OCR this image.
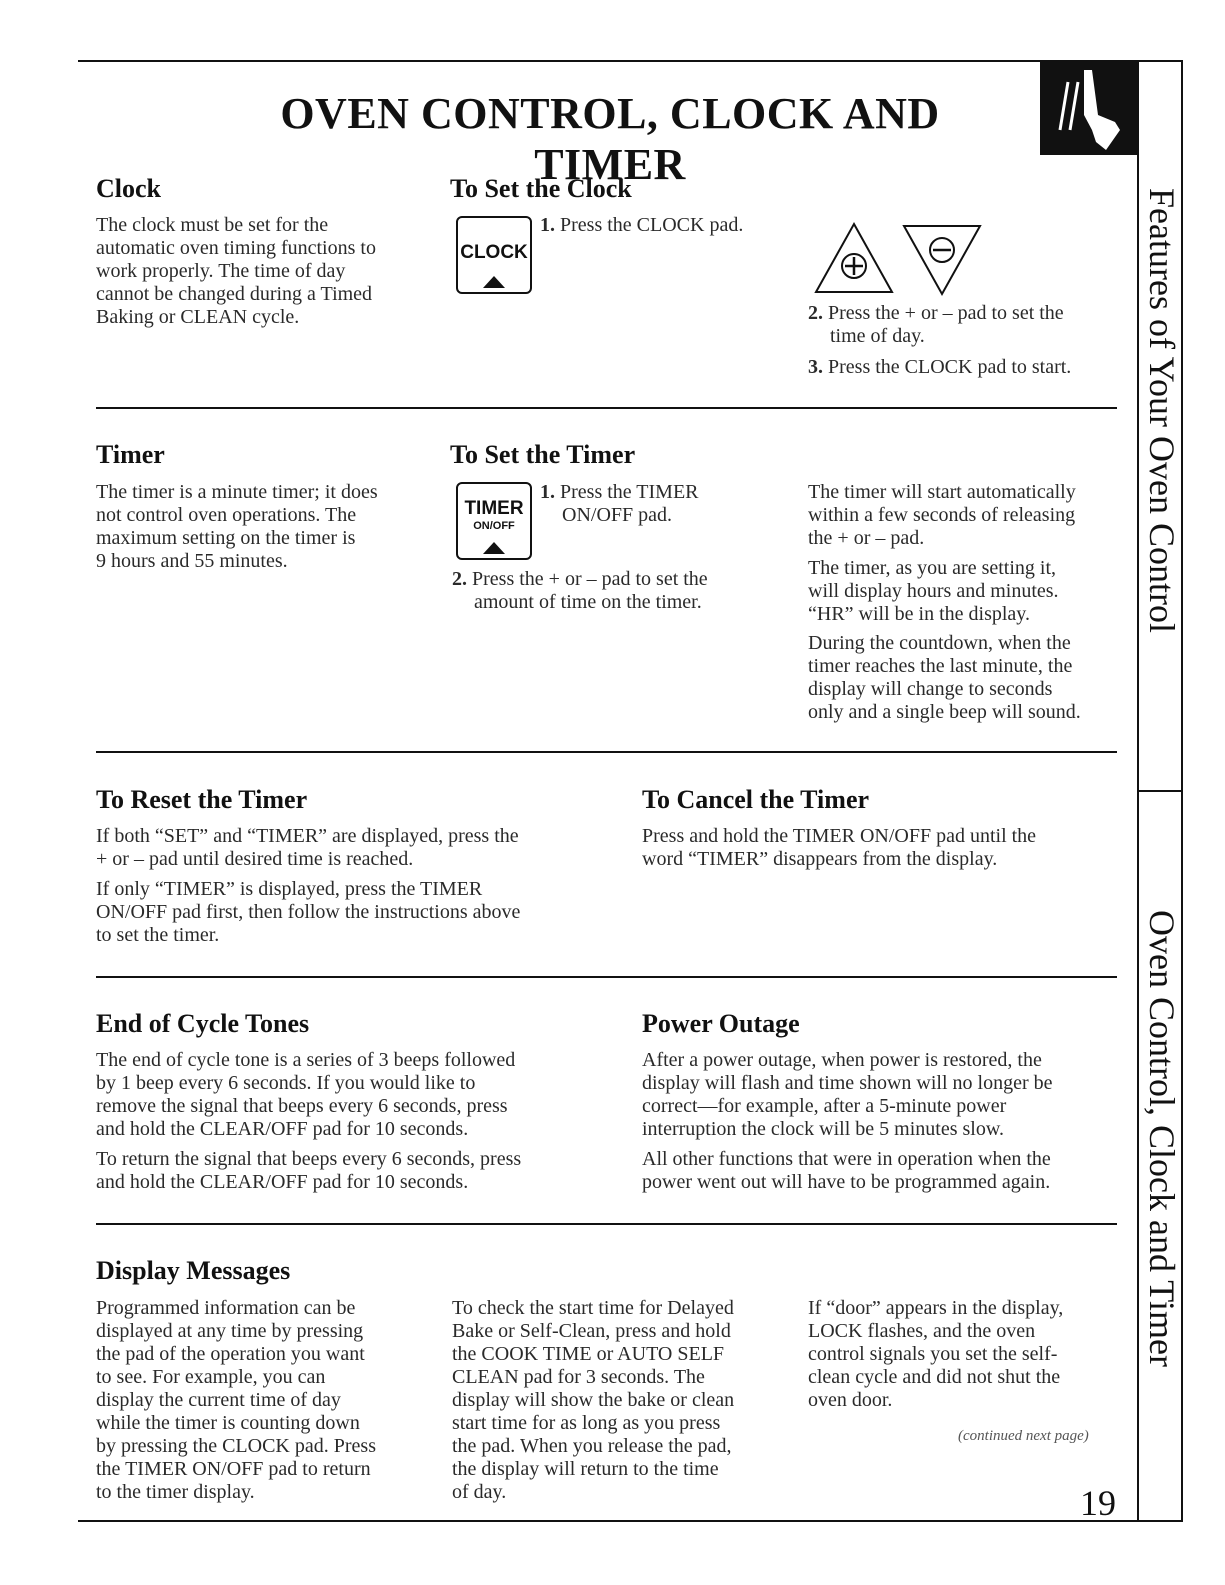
OVEN CONTROL, CLOCK AND TIMER
Features of Your Oven Control
Oven Control, Clock and Timer
Clock
The clock must be set for the
automatic oven timing functions to
work properly. The time of day
cannot be changed during a Timed
Baking or CLEAN cycle.
To Set the Clock
CLOCK
1. Press the CLOCK pad.
2. Press the + or – pad to set the
time of day.
3. Press the CLOCK pad to start.
Timer
The timer is a minute timer; it does
not control oven operations. The
maximum setting on the timer is
9 hours and 55 minutes.
To Set the Timer
TIMER
ON/OFF
1. Press the TIMER
ON/OFF pad.
2. Press the + or – pad to set the
amount of time on the timer.
The timer will start automatically
within a few seconds of releasing
the + or – pad.
The timer, as you are setting it,
will display hours and minutes.
“HR” will be in the display.
During the countdown, when the
timer reaches the last minute, the
display will change to seconds
only and a single beep will sound.
To Reset the Timer
If both “SET” and “TIMER” are displayed, press the
+ or – pad until desired time is reached.
If only “TIMER” is displayed, press the TIMER
ON/OFF pad first, then follow the instructions above
to set the timer.
To Cancel the Timer
Press and hold the TIMER ON/OFF pad until the
word “TIMER” disappears from the display.
End of Cycle Tones
The end of cycle tone is a series of 3 beeps followed
by 1 beep every 6 seconds. If you would like to
remove the signal that beeps every 6 seconds, press
and hold the CLEAR/OFF pad for 10 seconds.
To return the signal that beeps every 6 seconds, press
and hold the CLEAR/OFF pad for 10 seconds.
Power Outage
After a power outage, when power is restored, the
display will flash and time shown will no longer be
correct—for example, after a 5-minute power
interruption the clock will be 5 minutes slow.
All other functions that were in operation when the
power went out will have to be programmed again.
Display Messages
Programmed information can be
displayed at any time by pressing
the pad of the operation you want
to see. For example, you can
display the current time of day
while the timer is counting down
by pressing the CLOCK pad. Press
the TIMER ON/OFF pad to return
to the timer display.
To check the start time for Delayed
Bake or Self-Clean, press and hold
the COOK TIME or AUTO SELF
CLEAN pad for 3 seconds. The
display will show the bake or clean
start time for as long as you press
the pad. When you release the pad,
the display will return to the time
of day.
If “door” appears in the display,
LOCK flashes, and the oven
control signals you set the self-
clean cycle and did not shut the
oven door.
(continued next page)
19
